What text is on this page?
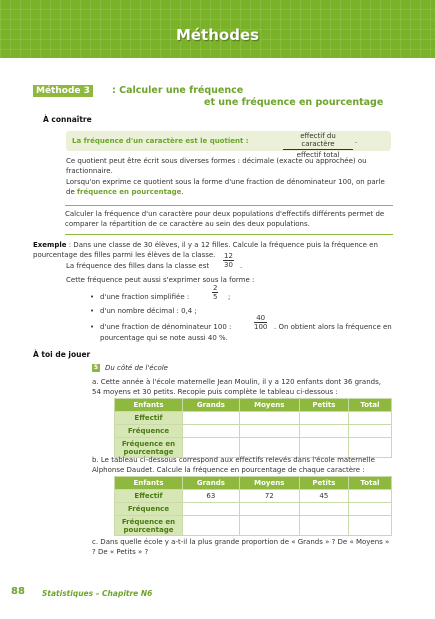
Méthodes
Méthode 3	: Calculer une fréquence
et une fréquence en pourcentage
À connaître
La fréquence d'un caractère est le quotient :
effectif du caractère
effectif total
.
Ce quotient peut être écrit sous diverses formes : décimale (exacte ou approchée) ou fractionnaire.
Lorsqu'on exprime ce quotient sous la forme d'une fraction de dénominateur 100, on parle de fréquence en pourcentage.
Calculer la fréquence d'un caractère pour deux populations d'effectifs différents permet de comparer la répartition de ce caractère au sein des deux populations.
Exemple : Dans une classe de 30 élèves, il y a 12 filles. Calcule la fréquence puis la fréquence en pourcentage des filles parmi les élèves de la classe.
La fréquence des filles dans la classe est $\frac{12}{30}$ .
Cette fréquence peut aussi s'exprimer sous la forme :
• d'une fraction simplifiée :	$\frac{2}{5}$ ;
• d'un nombre décimal : 0,4 ;
• d'une fraction de dénominateur 100 :	$\frac{40}{100}$ . On obtient alors la fréquence en
pourcentage qui se note aussi 40 %.
À toi de jouer
5 Du côté de l'école
a. Cette année à l'école maternelle Jean Moulin, il y a 120 enfants dont 36 grands, 54 moyens et 30 petits. Recopie puis complète le tableau ci-dessous :
Enfants	Grands	Moyens	Petits	Total
Effectif				
Fréquence				
Fréquence en pourcentage				
b. Le tableau ci-dessous correspond aux effectifs relevés dans l'école maternelle Alphonse Daudet. Calcule la fréquence en pourcentage de chaque caractère :
Enfants	Grands	Moyens	Petits	Total
Effectif	63	72	45	
Fréquence				
Fréquence en pourcentage				
c. Dans quelle école y a-t-il la plus grande proportion de « Grands » ? De « Moyens » ? De « Petits » ?
88 Statistiques – Chapitre N6
